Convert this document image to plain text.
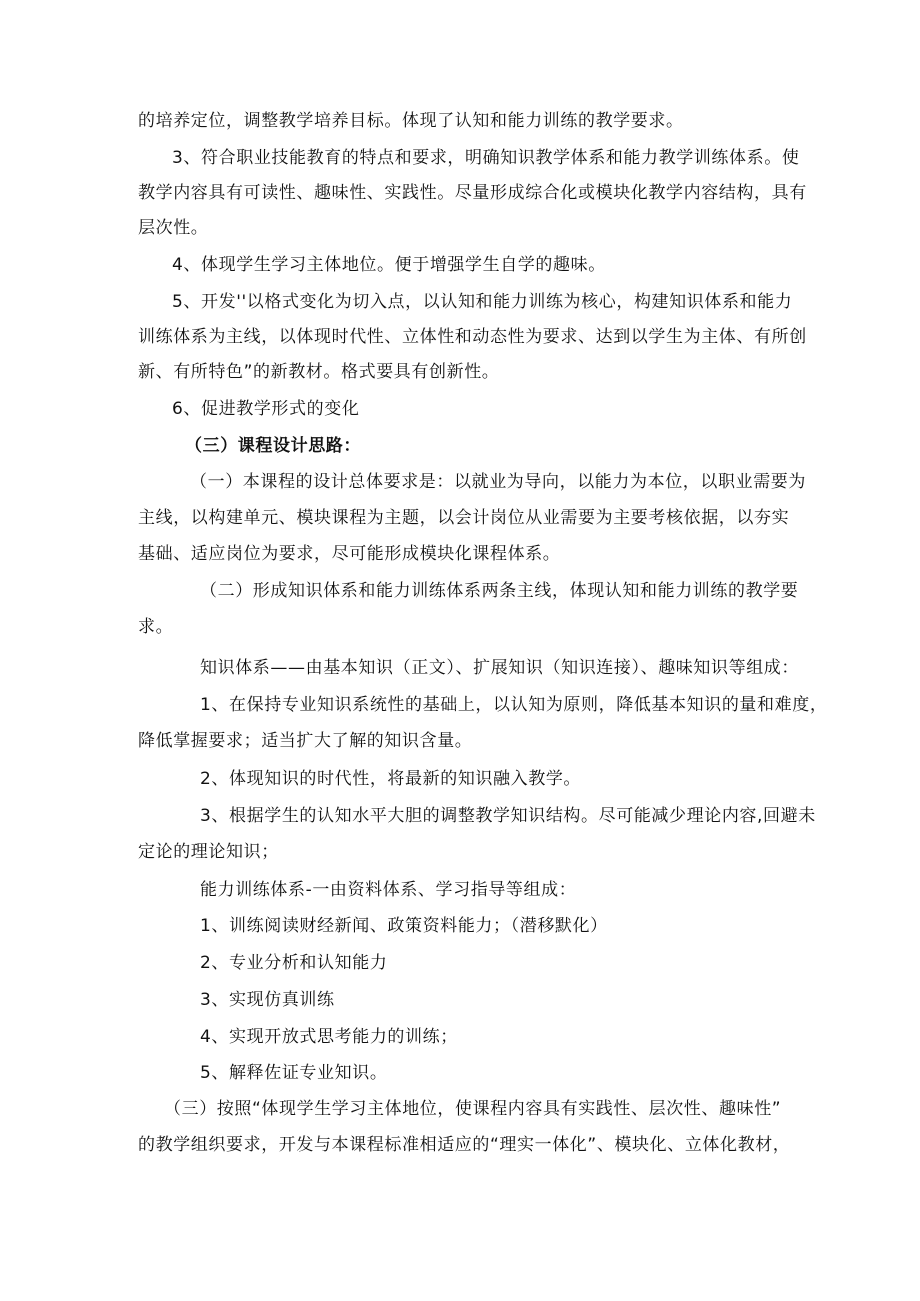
的培养定位，调整教学培养目标。体现了认知和能力训练的教学要求。
3、符合职业技能教育的特点和要求，明确知识教学体系和能力教学训练体系。使
教学内容具有可读性、趣味性、实践性。尽量形成综合化或模块化教学内容结构，具有
层次性。
4、体现学生学习主体地位。便于增强学生自学的趣味。
5、开发''以格式变化为切入点，以认知和能力训练为核心，构建知识体系和能力
训练体系为主线，以体现时代性、立体性和动态性为要求、达到以学生为主体、有所创
新、有所特色”的新教材。格式要具有创新性。
6、促进教学形式的变化
（三）课程设计思路：
（一）本课程的设计总体要求是：以就业为导向，以能力为本位，以职业需要为
主线，以构建单元、模块课程为主题，以会计岗位从业需要为主要考核依据，以夯实
基础、适应岗位为要求，尽可能形成模块化课程体系。
（二）形成知识体系和能力训练体系两条主线，体现认知和能力训练的教学要
求。
知识体系——由基本知识（正文）、扩展知识（知识连接）、趣味知识等组成：
1、在保持专业知识系统性的基础上，以认知为原则，降低基本知识的量和难度，
降低掌握要求；适当扩大了解的知识含量。
2、体现知识的时代性，将最新的知识融入教学。
3、根据学生的认知水平大胆的调整教学知识结构。尽可能减少理论内容,回避未
定论的理论知识；
能力训练体系-一由资料体系、学习指导等组成：
1、训练阅读财经新闻、政策资料能力；（潜移默化）
2、专业分析和认知能力
3、实现仿真训练
4、实现开放式思考能力的训练；
5、解释佐证专业知识。
（三）按照“体现学生学习主体地位，使课程内容具有实践性、层次性、趣味性”
的教学组织要求，开发与本课程标准相适应的“理实一体化”、模块化、立体化教材，
